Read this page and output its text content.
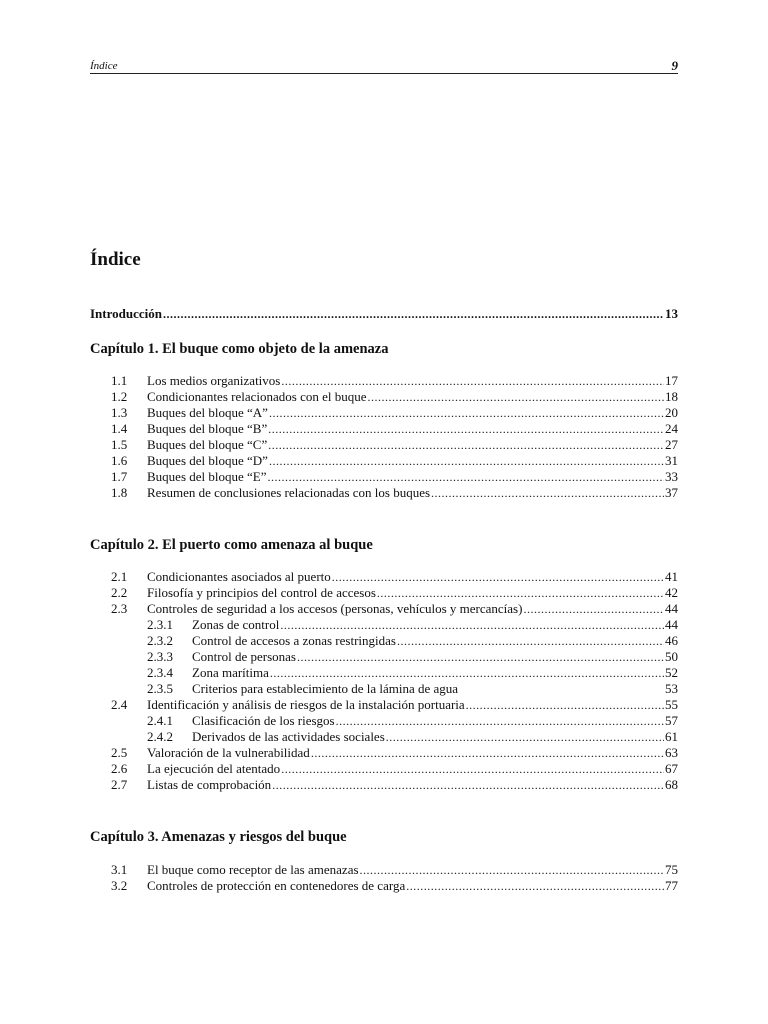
Índice	9
Índice
Introducción .....	13
Capítulo 1. El buque como objeto de la amenaza
1.1	Los medios organizativos .....	17
1.2	Condicionantes relacionados con el buque .....	18
1.3	Buques del bloque “A” .....	20
1.4	Buques del bloque “B” .....	24
1.5	Buques del bloque “C” .....	27
1.6	Buques del bloque “D” .....	31
1.7	Buques del bloque “E” .....	33
1.8	Resumen de conclusiones relacionadas con los buques .....	37
Capítulo 2. El puerto como amenaza al buque
2.1	Condicionantes asociados al puerto .....	41
2.2	Filosofía y principios del control de accesos .....	42
2.3	Controles de seguridad a los accesos (personas, vehículos y mercancías) .....	44
2.3.1	Zonas de control .....	44
2.3.2	Control de accesos a zonas restringidas .....	46
2.3.3	Control de personas .....	50
2.3.4	Zona marítima .....	52
2.3.5	Criterios para establecimiento de la lámina de agua	53
2.4	Identificación y análisis de riesgos de la instalación portuaria .....	55
2.4.1	Clasificación de los riesgos .....	57
2.4.2	Derivados de las actividades sociales .....	61
2.5	Valoración de la vulnerabilidad .....	63
2.6	La ejecución del atentado .....	67
2.7	Listas de comprobación .....	68
Capítulo 3. Amenazas y riesgos del buque
3.1	El buque como receptor de las amenazas .....	75
3.2	Controles de protección en contenedores de carga .....	77
